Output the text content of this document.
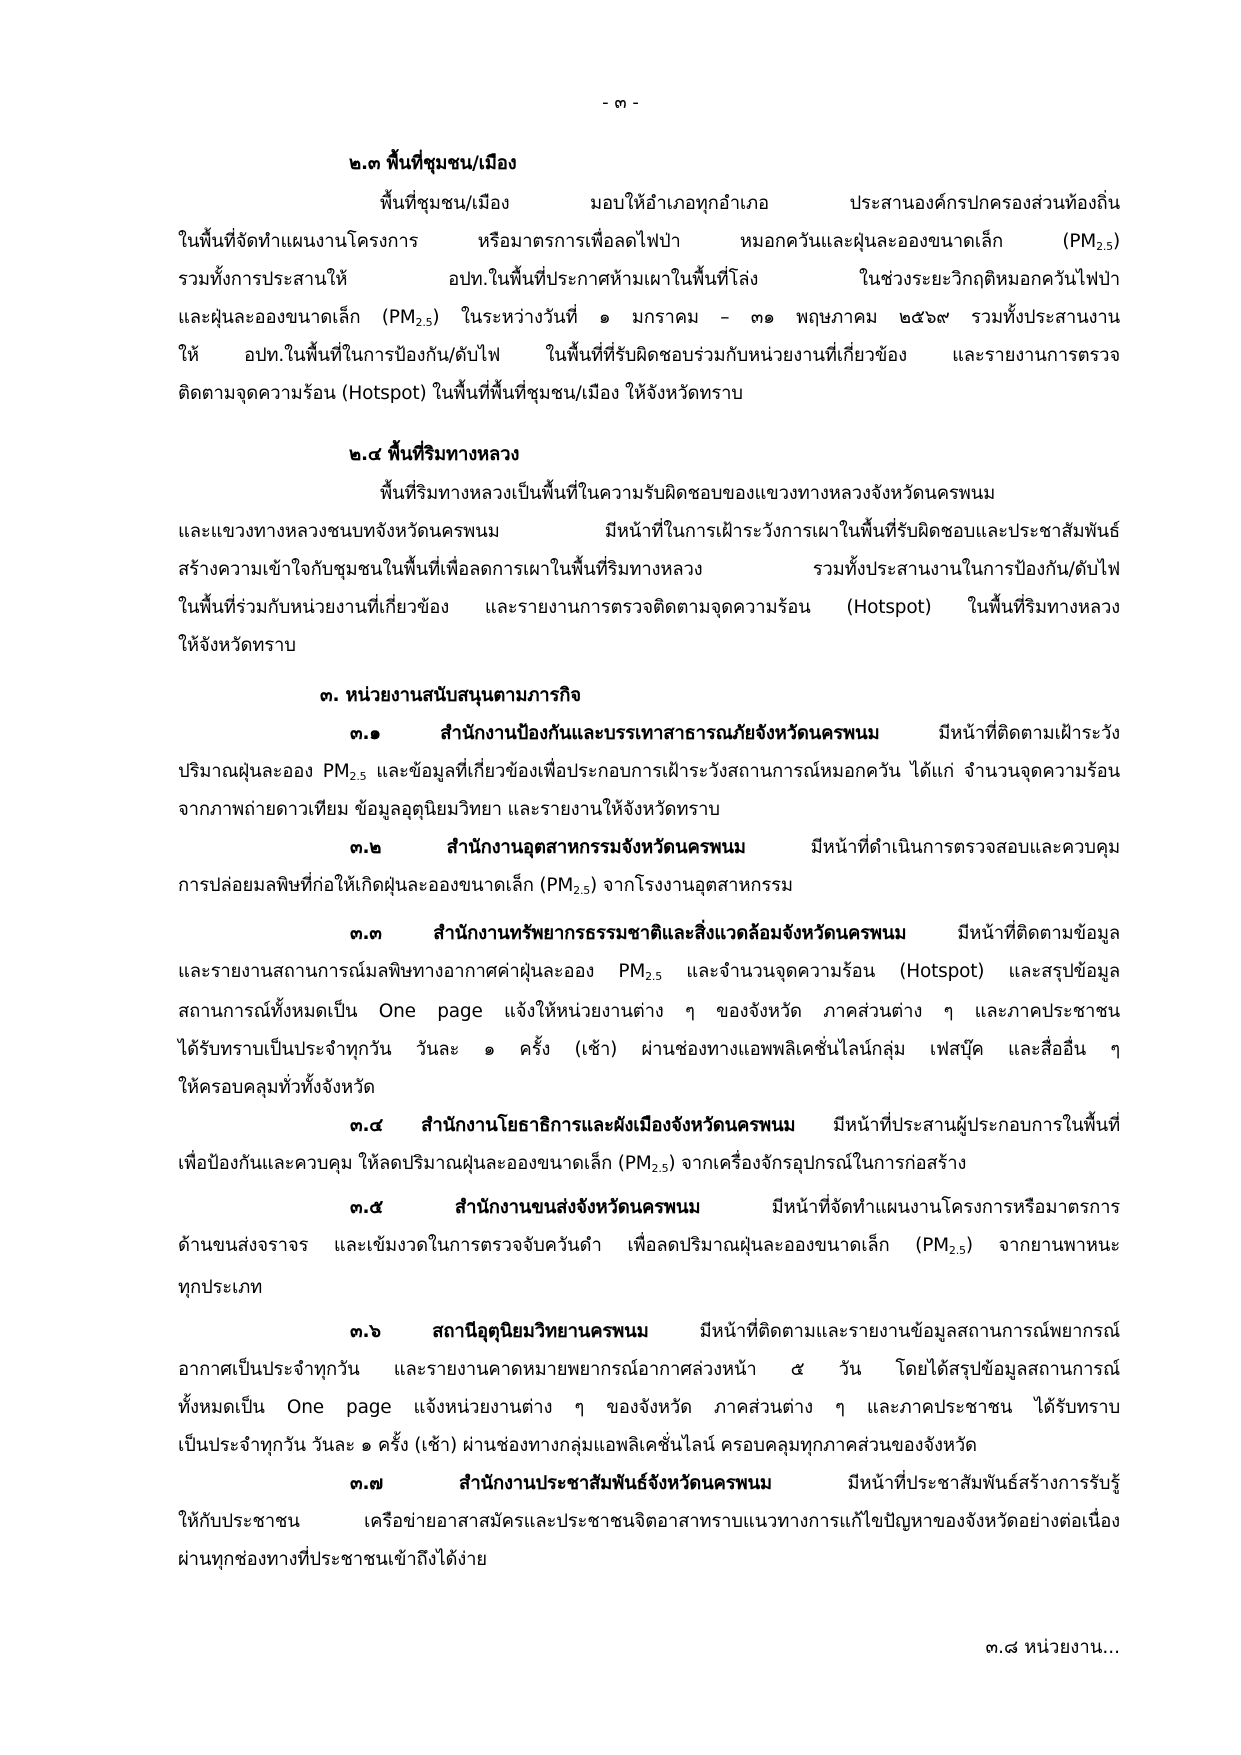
- ๓ -
๒.๓ พื้นที่ชุมชน/เมือง
พื้นที่ชุมชน/เมือง มอบให้อำเภอทุกอำเภอ ประสานองค์กรปกครองส่วนท้องถิ่น
ในพื้นที่จัดทำแผนงานโครงการ หรือมาตรการเพื่อลดไฟป่า หมอกควันและฝุ่นละอองขนาดเล็ก $(PM_{2.5})$
รวมทั้งการประสานให้ อปท.ในพื้นที่ประกาศห้ามเผาในพื้นที่โล่ง ในช่วงระยะวิกฤติหมอกควันไฟป่า
และฝุ่นละอองขนาดเล็ก $(PM_{2.5})$ ในระหว่างวันที่ ๑ มกราคม – ๓๑ พฤษภาคม ๒๕๖๙ รวมทั้งประสานงาน
ให้ อปท.ในพื้นที่ในการป้องกัน/ดับไฟ ในพื้นที่ที่รับผิดชอบร่วมกับหน่วยงานที่เกี่ยวข้อง และรายงานการตรวจ
ติดตามจุดความร้อน (Hotspot) ในพื้นที่พื้นที่ชุมชน/เมือง ให้จังหวัดทราบ
๒.๔ พื้นที่ริมทางหลวง
พื้นที่ริมทางหลวงเป็นพื้นที่ในความรับผิดชอบของแขวงทางหลวงจังหวัดนครพนม
และแขวงทางหลวงชนบทจังหวัดนครพนม มีหน้าที่ในการเฝ้าระวังการเผาในพื้นที่รับผิดชอบและประชาสัมพันธ์
สร้างความเข้าใจกับชุมชนในพื้นที่เพื่อลดการเผาในพื้นที่ริมทางหลวง รวมทั้งประสานงานในการป้องกัน/ดับไฟ
ในพื้นที่ร่วมกับหน่วยงานที่เกี่ยวข้อง และรายงานการตรวจติดตามจุดความร้อน (Hotspot) ในพื้นที่ริมทางหลวง
ให้จังหวัดทราบ
๓. หน่วยงานสนับสนุนตามภารกิจ
๓.๑ สำนักงานป้องกันและบรรเทาสาธารณภัยจังหวัดนครพนม มีหน้าที่ติดตามเฝ้าระวัง
ปริมาณฝุ่นละออง $PM_{2.5}$ และข้อมูลที่เกี่ยวข้องเพื่อประกอบการเฝ้าระวังสถานการณ์หมอกควัน ได้แก่ จำนวนจุดความร้อน
จากภาพถ่ายดาวเทียม ข้อมูลอุตุนิยมวิทยา และรายงานให้จังหวัดทราบ
๓.๒ สำนักงานอุตสาหกรรมจังหวัดนครพนม มีหน้าที่ดำเนินการตรวจสอบและควบคุม
การปล่อยมลพิษที่ก่อให้เกิดฝุ่นละอองขนาดเล็ก $(PM_{2.5})$ จากโรงงานอุตสาหกรรม
๓.๓ สำนักงานทรัพยากรธรรมชาติและสิ่งแวดล้อมจังหวัดนครพนม มีหน้าที่ติดตามข้อมูล
และรายงานสถานการณ์มลพิษทางอากาศค่าฝุ่นละออง $PM_{2.5}$ และจำนวนจุดความร้อน (Hotspot) และสรุปข้อมูล
สถานการณ์ทั้งหมดเป็น One page แจ้งให้หน่วยงานต่าง ๆ ของจังหวัด ภาคส่วนต่าง ๆ และภาคประชาชน
ได้รับทราบเป็นประจำทุกวัน วันละ ๑ ครั้ง (เช้า) ผ่านช่องทางแอพพลิเคชั่นไลน์กลุ่ม เฟสบุ๊ค และสื่ออื่น ๆ
ให้ครอบคลุมทั่วทั้งจังหวัด
๓.๔ สำนักงานโยธาธิการและผังเมืองจังหวัดนครพนม มีหน้าที่ประสานผู้ประกอบการในพื้นที่
เพื่อป้องกันและควบคุม ให้ลดปริมาณฝุ่นละอองขนาดเล็ก $(PM_{2.5})$ จากเครื่องจักรอุปกรณ์ในการก่อสร้าง
๓.๕ สำนักงานขนส่งจังหวัดนครพนม มีหน้าที่จัดทำแผนงานโครงการหรือมาตรการ
ด้านขนส่งจราจร และเข้มงวดในการตรวจจับควันดำ เพื่อลดปริมาณฝุ่นละอองขนาดเล็ก $(PM_{2.5})$ จากยานพาหนะ
ทุกประเภท
๓.๖ สถานีอุตุนิยมวิทยานครพนม มีหน้าที่ติดตามและรายงานข้อมูลสถานการณ์พยากรณ์
อากาศเป็นประจำทุกวัน และรายงานคาดหมายพยากรณ์อากาศล่วงหน้า ๕ วัน โดยได้สรุปข้อมูลสถานการณ์
ทั้งหมดเป็น One page แจ้งหน่วยงานต่าง ๆ ของจังหวัด ภาคส่วนต่าง ๆ และภาคประชาชน ได้รับทราบ
เป็นประจำทุกวัน วันละ ๑ ครั้ง (เช้า) ผ่านช่องทางกลุ่มแอพลิเคชั่นไลน์ ครอบคลุมทุกภาคส่วนของจังหวัด
๓.๗ สำนักงานประชาสัมพันธ์จังหวัดนครพนม มีหน้าที่ประชาสัมพันธ์สร้างการรับรู้
ให้กับประชาชน เครือข่ายอาสาสมัครและประชาชนจิตอาสาทราบแนวทางการแก้ไขปัญหาของจังหวัดอย่างต่อเนื่อง
ผ่านทุกช่องทางที่ประชาชนเข้าถึงได้ง่าย
๓.๘ หน่วยงาน...
